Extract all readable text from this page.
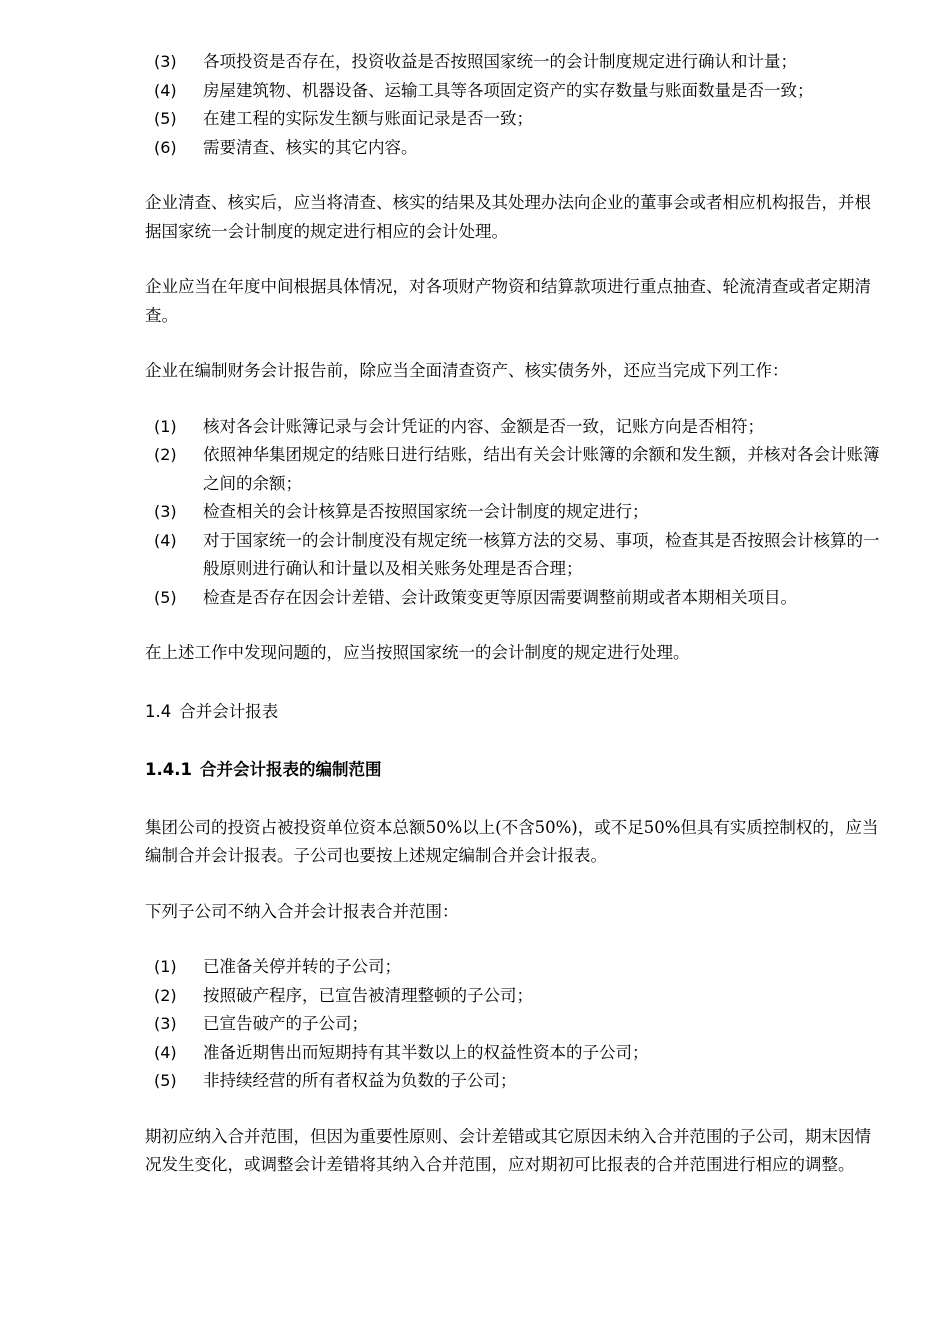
(3) 各项投资是否存在，投资收益是否按照国家统一的会计制度规定进行确认和计量；
(4) 房屋建筑物、机器设备、运输工具等各项固定资产的实存数量与账面数量是否一致；
(5) 在建工程的实际发生额与账面记录是否一致；
(6) 需要清查、核实的其它内容。

企业清查、核实后，应当将清查、核实的结果及其处理办法向企业的董事会或者相应机构报告，并根据国家统一会计制度的规定进行相应的会计处理。

企业应当在年度中间根据具体情况，对各项财产物资和结算款项进行重点抽查、轮流清查或者定期清查。

企业在编制财务会计报告前，除应当全面清查资产、核实债务外，还应当完成下列工作：

(1) 核对各会计账簿记录与会计凭证的内容、金额是否一致，记账方向是否相符；
(2) 依照神华集团规定的结账日进行结账，结出有关会计账簿的余额和发生额，并核对各会计账簿之间的余额；
(3) 检查相关的会计核算是否按照国家统一会计制度的规定进行；
(4) 对于国家统一的会计制度没有规定统一核算方法的交易、事项，检查其是否按照会计核算的一般原则进行确认和计量以及相关账务处理是否合理；
(5) 检查是否存在因会计差错、会计政策变更等原因需要调整前期或者本期相关项目。

在上述工作中发现问题的，应当按照国家统一的会计制度的规定进行处理。

1.4 合并会计报表

1.4.1 合并会计报表的编制范围

集团公司的投资占被投资单位资本总额50%以上(不含50%)，或不足50%但具有实质控制权的，应当编制合并会计报表。子公司也要按上述规定编制合并会计报表。

下列子公司不纳入合并会计报表合并范围：

(1) 已准备关停并转的子公司；
(2) 按照破产程序，已宣告被清理整顿的子公司；
(3) 已宣告破产的子公司；
(4) 准备近期售出而短期持有其半数以上的权益性资本的子公司；
(5) 非持续经营的所有者权益为负数的子公司；

期初应纳入合并范围，但因为重要性原则、会计差错或其它原因未纳入合并范围的子公司，期末因情况发生变化，或调整会计差错将其纳入合并范围，应对期初可比报表的合并范围进行相应的调整。
